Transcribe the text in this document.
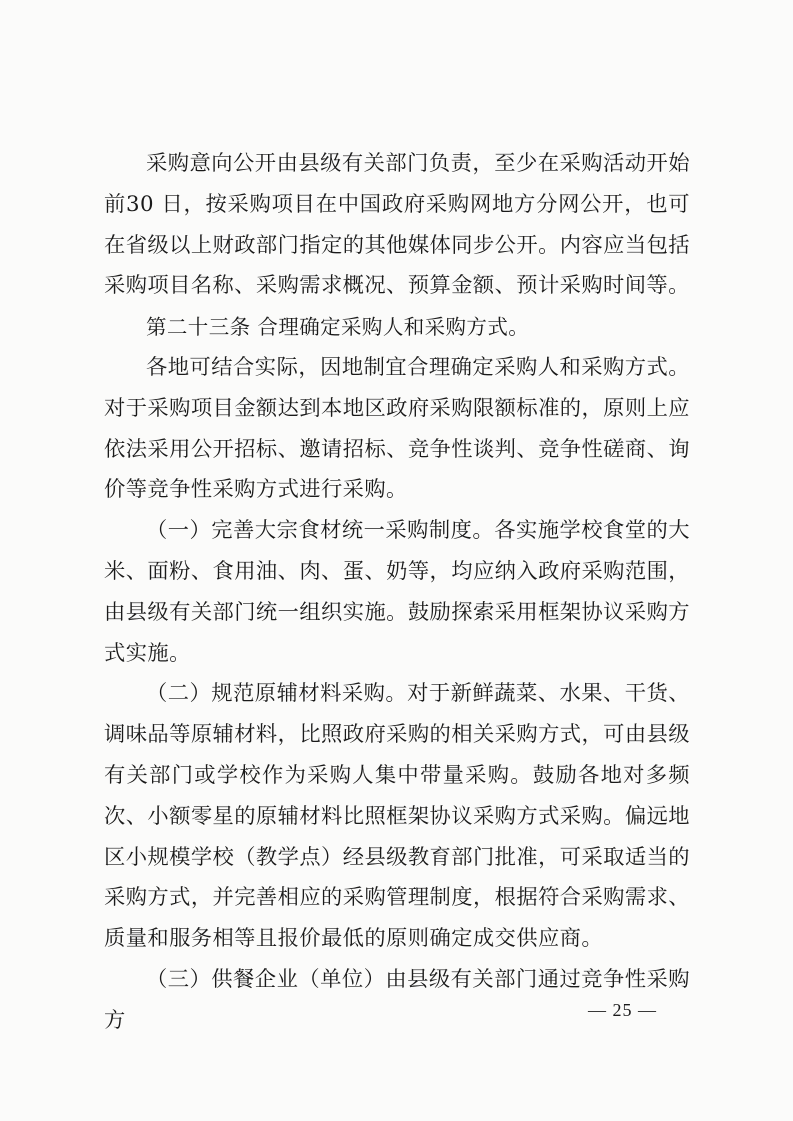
采购意向公开由县级有关部门负责，至少在采购活动开始前30 日，按采购项目在中国政府采购网地方分网公开，也可在省级以上财政部门指定的其他媒体同步公开。内容应当包括采购项目名称、采购需求概况、预算金额、预计采购时间等。

第二十三条 合理确定采购人和采购方式。

各地可结合实际，因地制宜合理确定采购人和采购方式。对于采购项目金额达到本地区政府采购限额标准的，原则上应依法采用公开招标、邀请招标、竞争性谈判、竞争性磋商、询价等竞争性采购方式进行采购。

（一）完善大宗食材统一采购制度。各实施学校食堂的大米、面粉、食用油、肉、蛋、奶等，均应纳入政府采购范围，由县级有关部门统一组织实施。鼓励探索采用框架协议采购方式实施。

（二）规范原辅材料采购。对于新鲜蔬菜、水果、干货、调味品等原辅材料，比照政府采购的相关采购方式，可由县级有关部门或学校作为采购人集中带量采购。鼓励各地对多频次、小额零星的原辅材料比照框架协议采购方式采购。偏远地区小规模学校（教学点）经县级教育部门批准，可采取适当的采购方式，并完善相应的采购管理制度，根据符合采购需求、质量和服务相等且报价最低的原则确定成交供应商。

（三）供餐企业（单位）由县级有关部门通过竞争性采购方	— 25 —
